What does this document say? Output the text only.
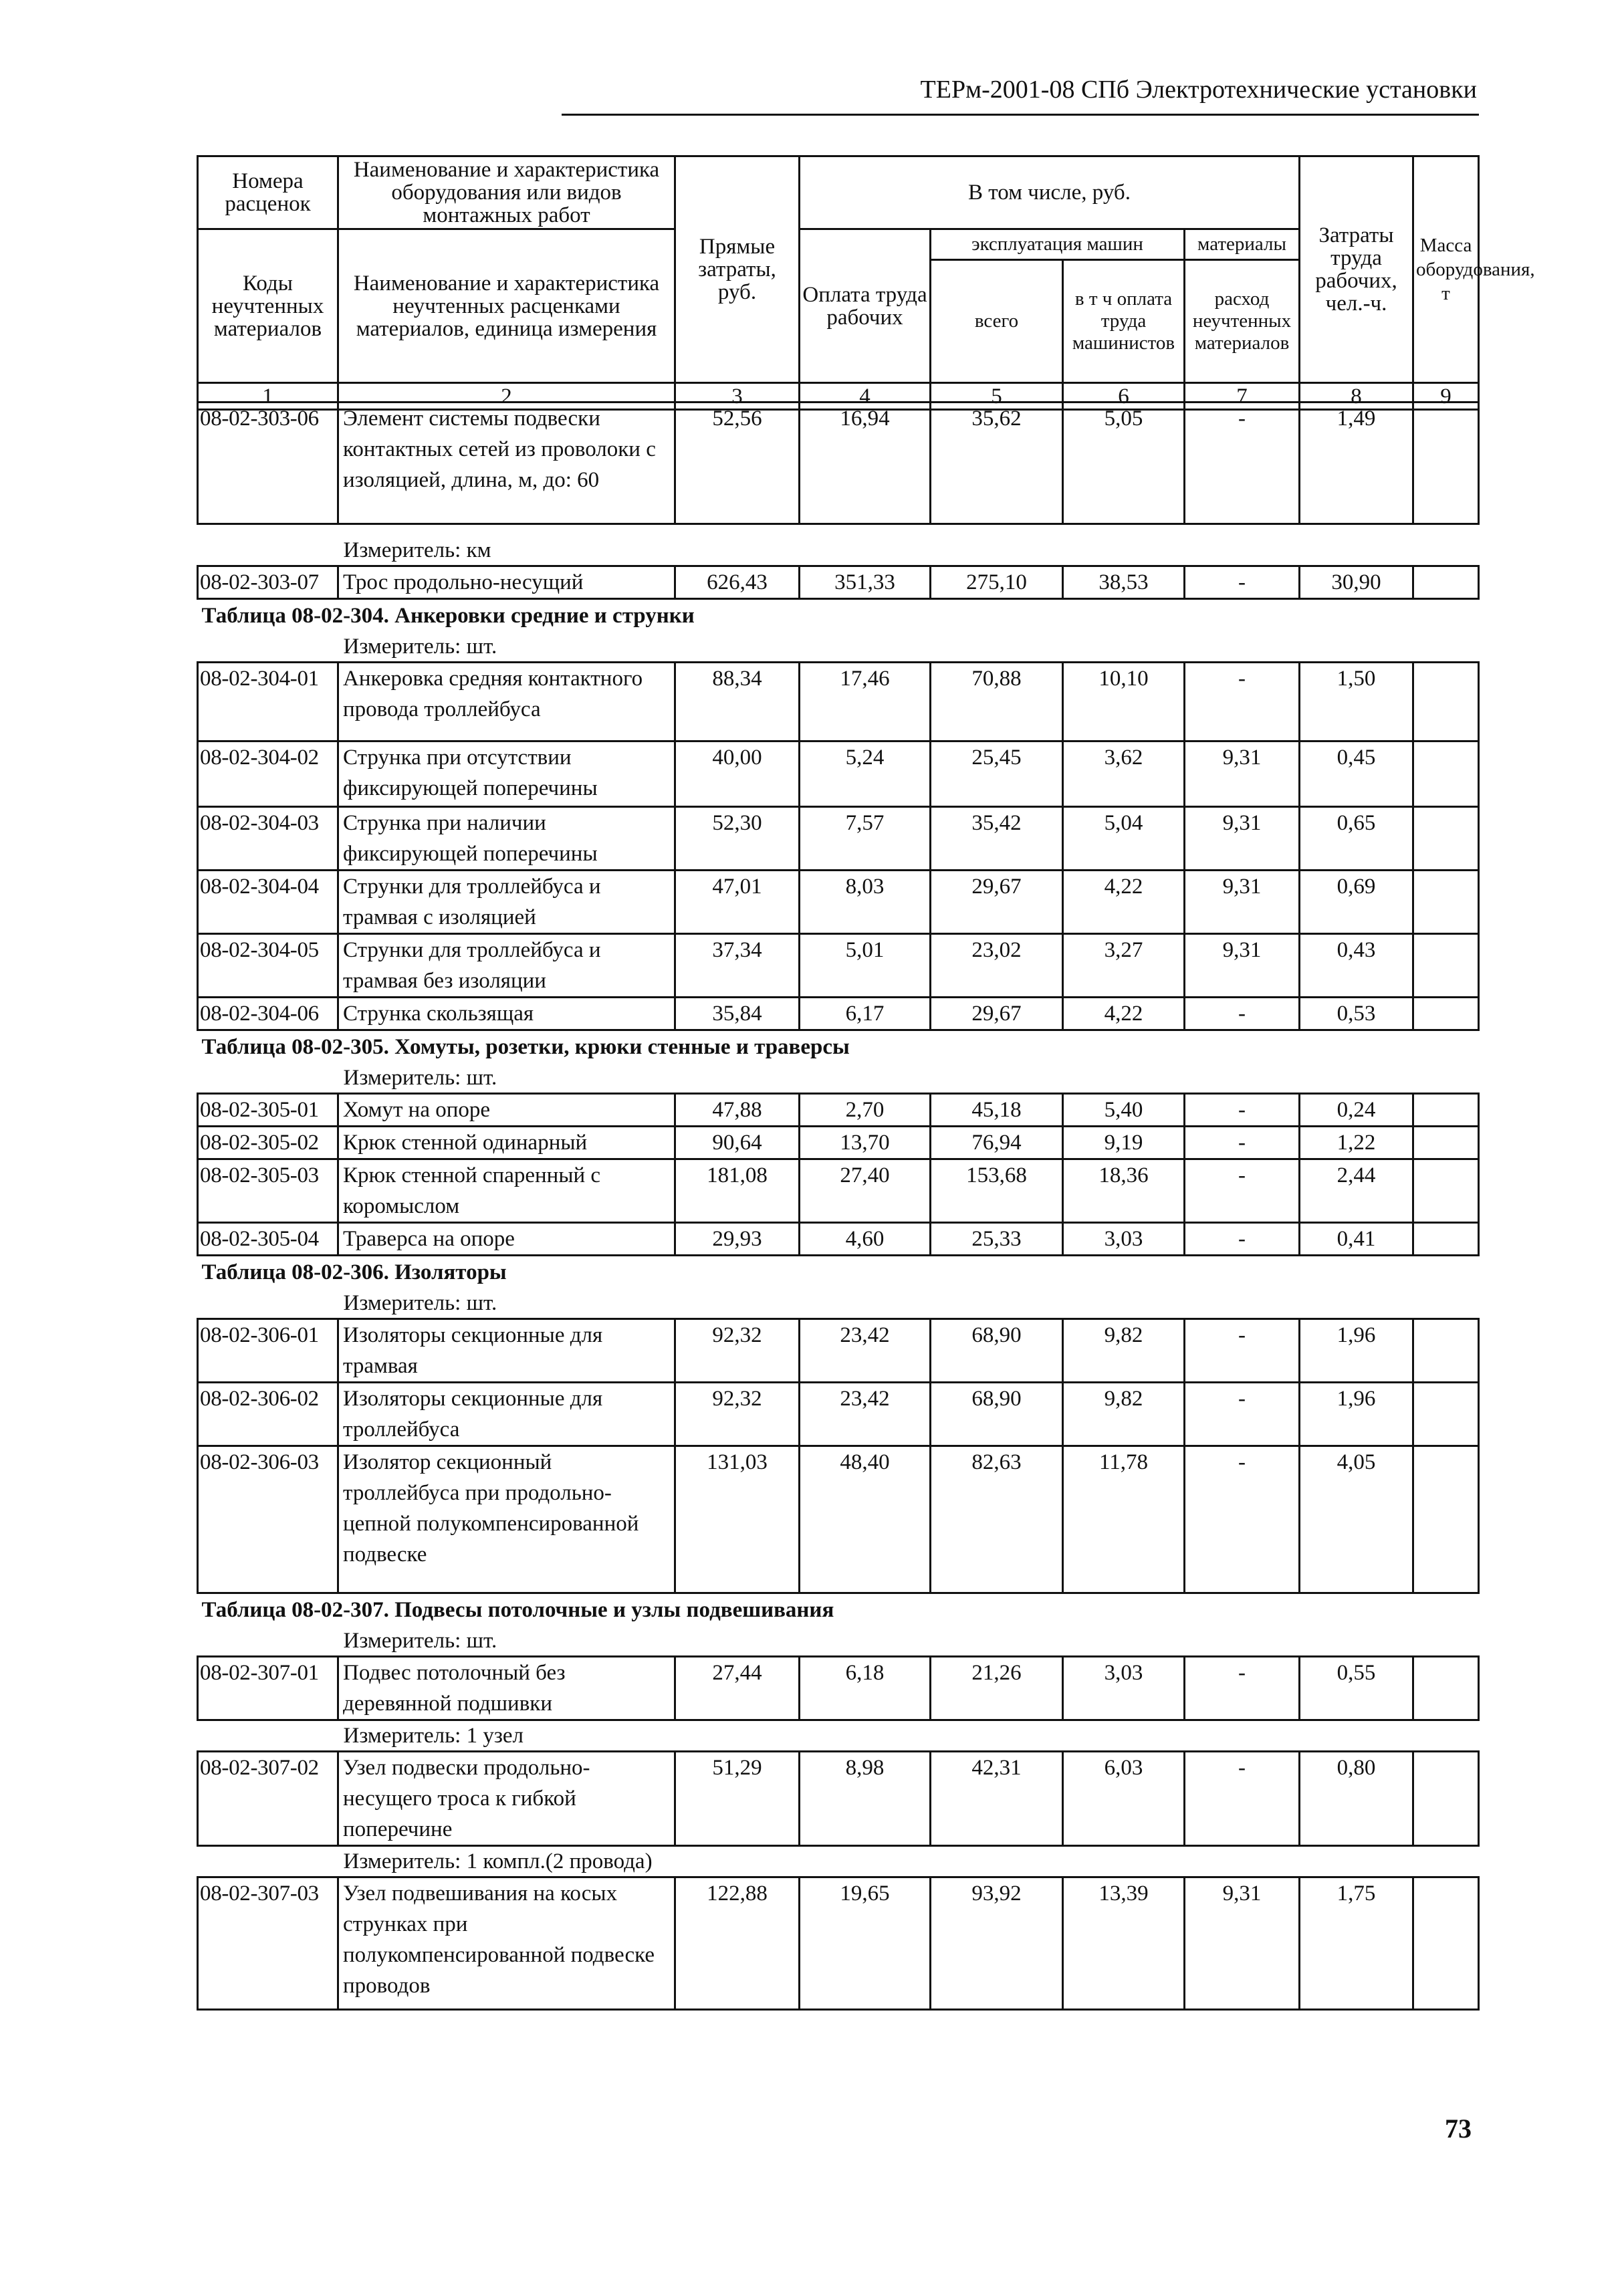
ТЕРм-2001-08 СПб Электротехнические установки
Номера расценок	Наименование и характеристика оборудования или видов монтажных работ	Прямые затраты, руб.	В том числе, руб.				Затраты труда рабочих, чел.-ч.	Масса оборудования, т
Коды неучтенных материалов	Наименование и характеристика неучтенных расценками материалов, единица измерения		Оплата труда рабочих	эксплуатация машин		материалы		
				всего	в т ч оплата труда машинистов	расход неучтенных материалов		

1	2	3	4	5	6	7	8	9
08-02-303-06	Элемент системы подвески контактных сетей из проволоки с изоляцией, длина, м, до: 60	52,56	16,94	35,62	5,05	-	1,49	

Измеритель: км								
08-02-303-07	Трос продольно-несущий	626,43	351,33	275,10	38,53	-	30,90	
Таблица 08-02-304. Анкеровки средние и струнки								
Измеритель: шт.								
08-02-304-01	Анкеровка средняя контактного провода троллейбуса	88,34	17,46	70,88	10,10	-	1,50	
08-02-304-02	Струнка при отсутствии фиксирующей поперечины	40,00	5,24	25,45	3,62	9,31	0,45	
08-02-304-03	Струнка при наличии фиксирующей поперечины	52,30	7,57	35,42	5,04	9,31	0,65	
08-02-304-04	Струнки для троллейбуса и трамвая с изоляцией	47,01	8,03	29,67	4,22	9,31	0,69	
08-02-304-05	Струнки для троллейбуса и трамвая без изоляции	37,34	5,01	23,02	3,27	9,31	0,43	
08-02-304-06	Струнка скользящая	35,84	6,17	29,67	4,22	-	0,53	
Таблица 08-02-305. Хомуты, розетки, крюки стенные и траверсы								
Измеритель: шт.								
08-02-305-01	Хомут на опоре	47,88	2,70	45,18	5,40	-	0,24	
08-02-305-02	Крюк стенной одинарный	90,64	13,70	76,94	9,19	-	1,22	
08-02-305-03	Крюк стенной спаренный с коромыслом	181,08	27,40	153,68	18,36	-	2,44	
08-02-305-04	Траверса на опоре	29,93	4,60	25,33	3,03	-	0,41	
Таблица 08-02-306. Изоляторы								
Измеритель: шт.								
08-02-306-01	Изоляторы секционные для трамвая	92,32	23,42	68,90	9,82	-	1,96	
08-02-306-02	Изоляторы секционные для троллейбуса	92,32	23,42	68,90	9,82	-	1,96	
08-02-306-03	Изолятор секционный троллейбуса при продольно-цепной полукомпенсированной подвеске	131,03	48,40	82,63	11,78	-	4,05	
Таблица 08-02-307. Подвесы потолочные и узлы подвешивания								
Измеритель: шт.								
08-02-307-01	Подвес потолочный без деревянной подшивки	27,44	6,18	21,26	3,03	-	0,55	
Измеритель: 1 узел								
08-02-307-02	Узел подвески продольно-несущего троса к гибкой поперечине	51,29	8,98	42,31	6,03	-	0,80	
Измеритель: 1 компл.(2 провода)								
08-02-307-03	Узел подвешивания на косых струнках при полукомпенсированной подвеске проводов	122,88	19,65	93,92	13,39	9,31	1,75	
73
